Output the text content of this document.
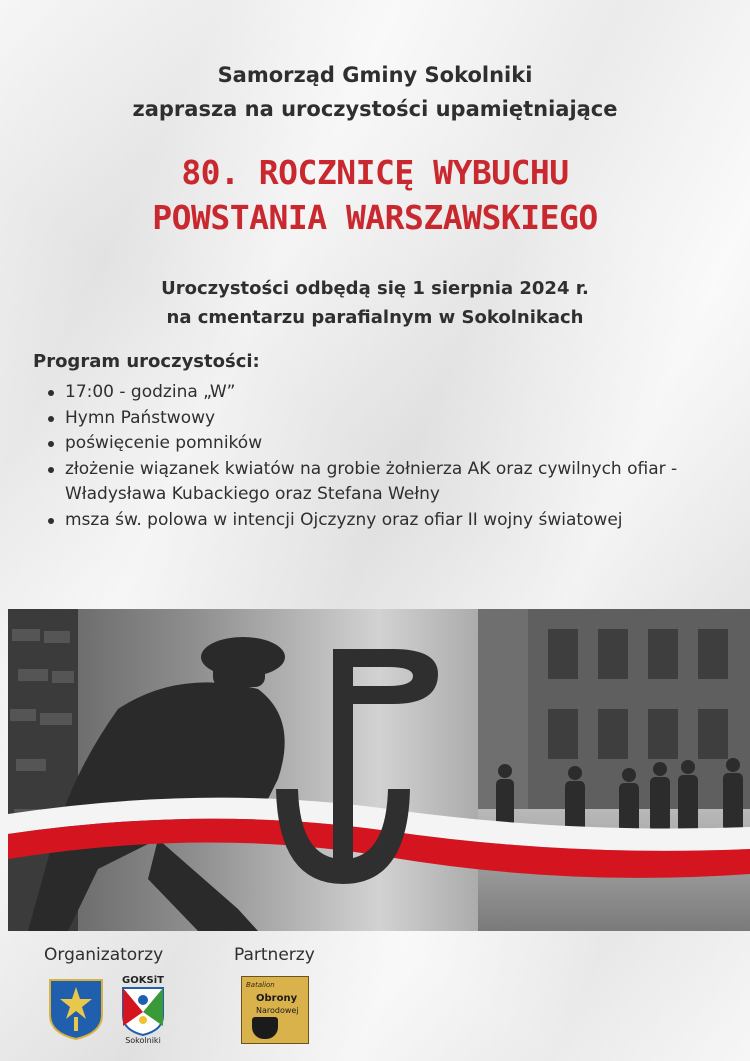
Samorząd Gminy Sokolniki
zaprasza na uroczystości upamiętniające
80. ROCZNICĘ WYBUCHU
POWSTANIA WARSZAWSKIEGO
Uroczystości odbędą się 1 sierpnia 2024 r.
na cmentarzu parafialnym w Sokolnikach
Program uroczystości:
17:00 - godzina „W”
Hymn Państwowy
poświęcenie pomników
złożenie wiązanek kwiatów na grobie żołnierza AK oraz cywilnych ofiar - Władysława Kubackiego oraz Stefana Wełny
msza św. polowa w intencji Ojczyzny oraz ofiar II wojny światowej
Organizatorzy	Partnerzy
GOKSiT
Sokolniki
Batalion
Obrony
Narodowej
